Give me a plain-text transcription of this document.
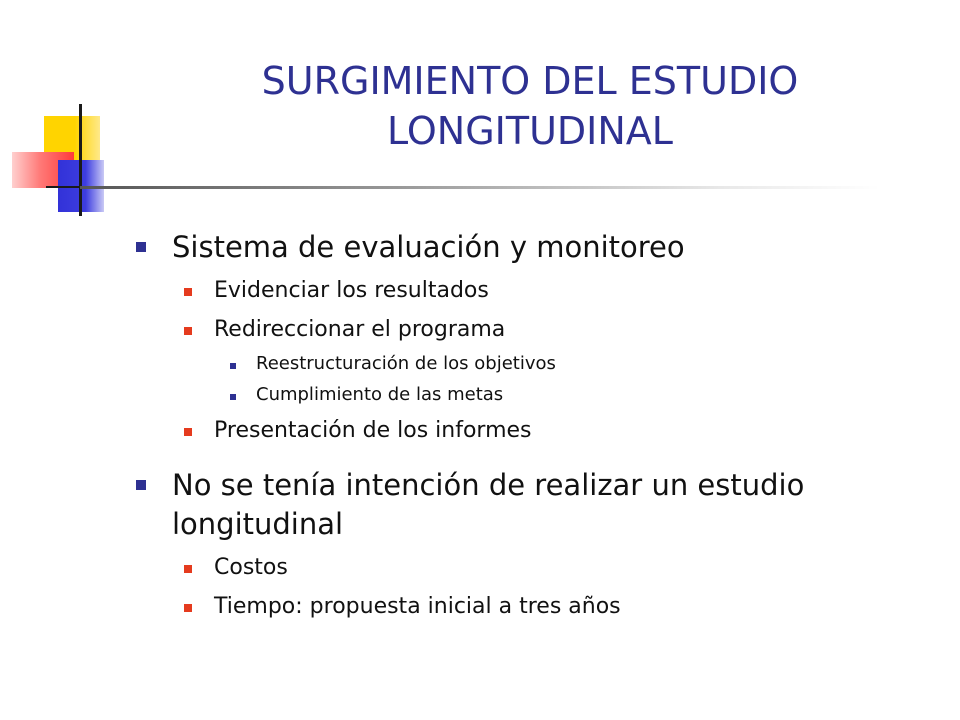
SURGIMIENTO DEL ESTUDIO
LONGITUDINAL
Sistema de evaluación y monitoreo
Evidenciar los resultados
Redireccionar el programa
Reestructuración de los objetivos
Cumplimiento de las metas
Presentación de los informes
No se tenía intención de realizar un estudio longitudinal
Costos
Tiempo: propuesta inicial a tres años
